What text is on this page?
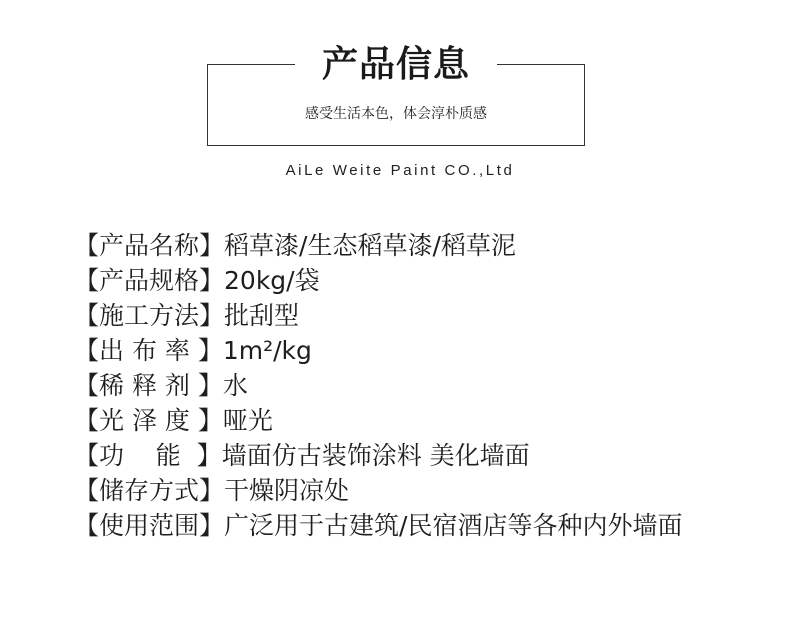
产品信息
感受生活本色，体会淳朴质感
AiLe Weite Paint CO.,Ltd
【产品名称】稻草漆/生态稻草漆/稻草泥
【产品规格】20kg/袋
【施工方法】批刮型
【出 布 率 】1m²/kg
【稀 释 剂 】水
【光 泽 度 】哑光
【功    能  】墙面仿古装饰涂料 美化墙面
【储存方式】干燥阴凉处
【使用范围】广泛用于古建筑/民宿酒店等各种内外墙面
